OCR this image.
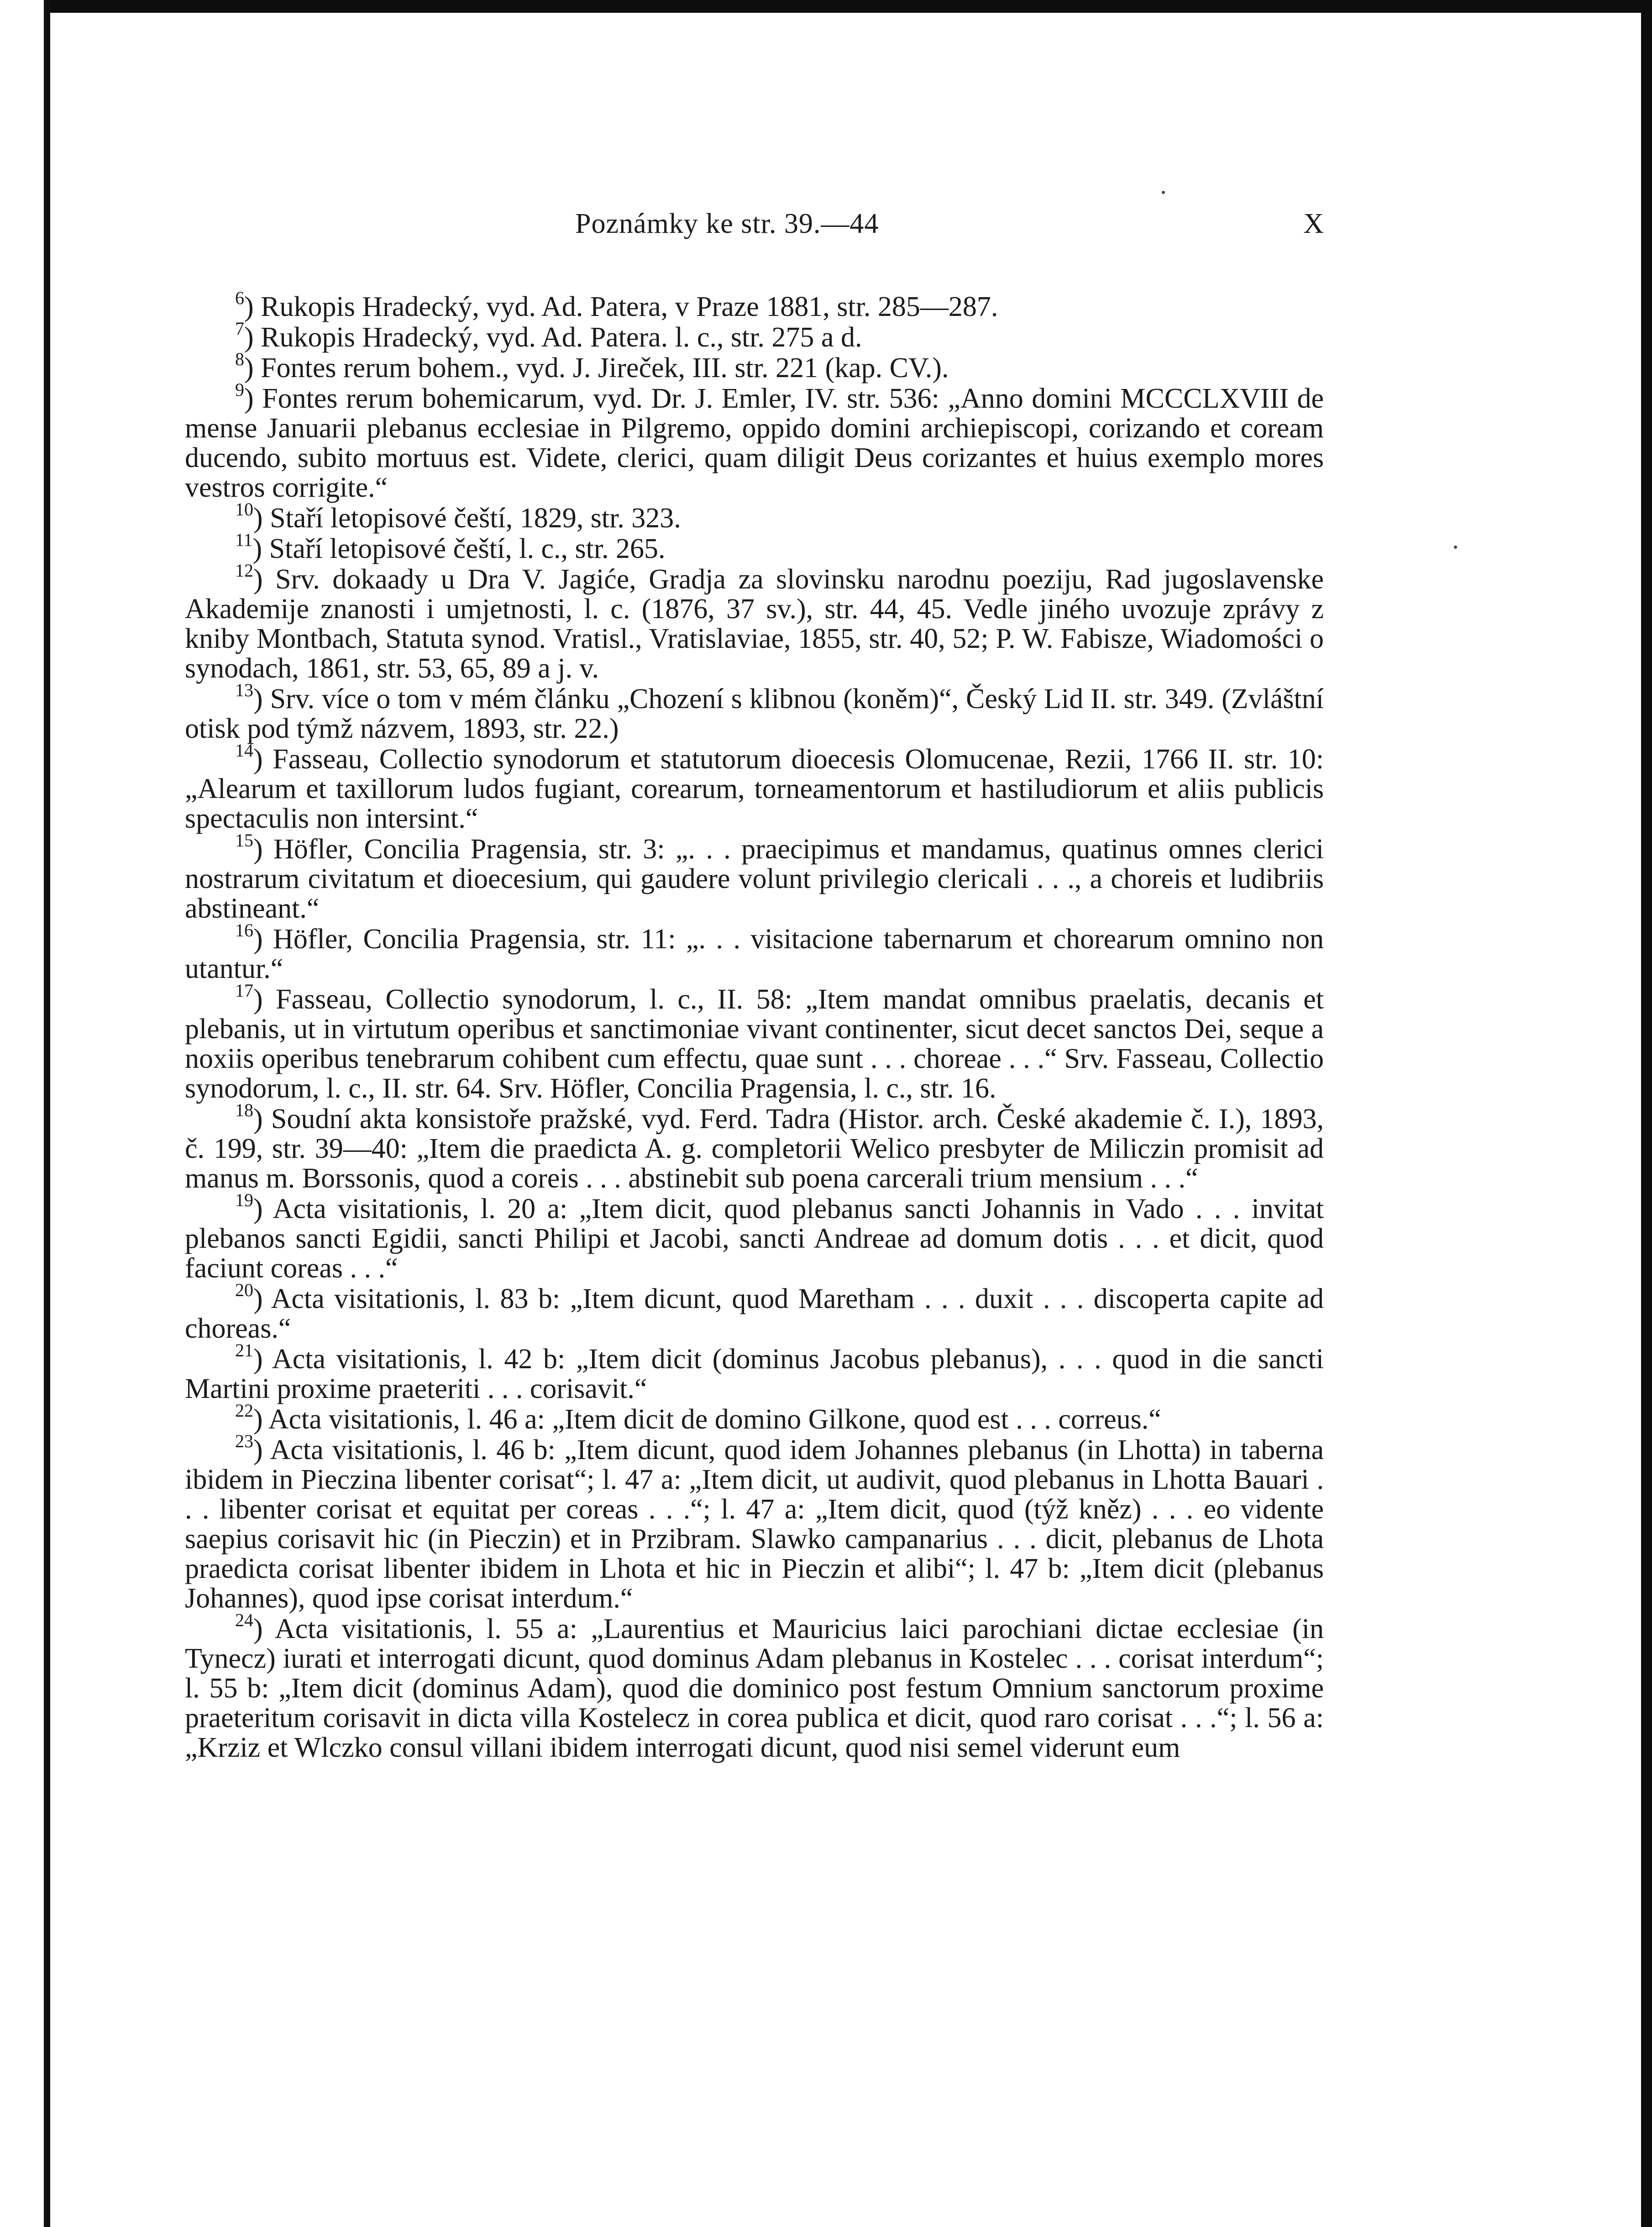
Poznámky ke str. 39.—44	X

$^6$) Rukopis Hradecký, vyd. Ad. Patera, v Praze 1881, str. 285—287.

$^7$) Rukopis Hradecký, vyd. Ad. Patera. l. c., str. 275 a d.

$^8$) Fontes rerum bohem., vyd. J. Jireček, III. str. 221 (kap. CV.).

$^9$) Fontes rerum bohemicarum, vyd. Dr. J. Emler, IV. str. 536: „Anno domini MCCCLXVIII de mense Januarii plebanus ecclesiae in Pilgremo, oppido domini archiepiscopi, corizando et coream ducendo, subito mortuus est. Videte, clerici, quam diligit Deus corizantes et huius exemplo mores vestros corrigite.“

$^{10}$) Staří letopisové čeští, 1829, str. 323.

$^{11}$) Staří letopisové čeští, l. c., str. 265.

$^{12}$) Srv. dokaady u Dra V. Jagiće, Gradja za slovinsku narodnu poeziju, Rad jugoslavenske Akademije znanosti i umjetnosti, l. c. (1876, 37 sv.), str. 44, 45. Vedle jiného uvozuje zprávy z kniby Montbach, Statuta synod. Vratisl., Vratislaviae, 1855, str. 40, 52; P. W. Fabisze, Wiadomości o synodach, 1861, str. 53, 65, 89 a j. v.

$^{13}$) Srv. více o tom v mém článku „Chození s klibnou (koněm)“, Český Lid II. str. 349. (Zvláštní otisk pod týmž názvem, 1893, str. 22.)

$^{14}$) Fasseau, Collectio synodorum et statutorum dioecesis Olomucenae, Rezii, 1766 II. str. 10: „Alearum et taxillorum ludos fugiant, corearum, torneamentorum et hastiludiorum et aliis publicis spectaculis non intersint.“

$^{15}$) Höfler, Concilia Pragensia, str. 3: „. . . praecipimus et mandamus, quatinus omnes clerici nostrarum civitatum et dioecesium, qui gaudere volunt privilegio clericali . . ., a choreis et ludibriis abstineant.“

$^{16}$) Höfler, Concilia Pragensia, str. 11: „. . . visitacione tabernarum et chorearum omnino non utantur.“

$^{17}$) Fasseau, Collectio synodorum, l. c., II. 58: „Item mandat omnibus praelatis, decanis et plebanis, ut in virtutum operibus et sanctimoniae vivant continenter, sicut decet sanctos Dei, seque a noxiis operibus tenebrarum cohibent cum effectu, quae sunt . . . choreae . . .“ Srv. Fasseau, Collectio synodorum, l. c., II. str. 64. Srv. Höfler, Concilia Pragensia, l. c., str. 16.

$^{18}$) Soudní akta konsistoře pražské, vyd. Ferd. Tadra (Histor. arch. České akademie č. I.), 1893, č. 199, str. 39—40: „Item die praedicta A. g. completorii Welico presbyter de Miliczin promisit ad manus m. Borssonis, quod a coreis . . . abstinebit sub poena carcerali trium mensium . . .“

$^{19}$) Acta visitationis, l. 20 a: „Item dicit, quod plebanus sancti Johannis in Vado . . . invitat plebanos sancti Egidii, sancti Philipi et Jacobi, sancti Andreae ad domum dotis . . . et dicit, quod faciunt coreas . . .“

$^{20}$) Acta visitationis, l. 83 b: „Item dicunt, quod Maretham . . . duxit . . . discoperta capite ad choreas.“

$^{21}$) Acta visitationis, l. 42 b: „Item dicit (dominus Jacobus plebanus), . . . quod in die sancti Martini proxime praeteriti . . . corisavit.“

$^{22}$) Acta visitationis, l. 46 a: „Item dicit de domino Gilkone, quod est . . . correus.“

$^{23}$) Acta visitationis, l. 46 b: „Item dicunt, quod idem Johannes plebanus (in Lhotta) in taberna ibidem in Pieczina libenter corisat“; l. 47 a: „Item dicit, ut audivit, quod plebanus in Lhotta Bauari . . . libenter corisat et equitat per coreas . . .“; l. 47 a: „Item dicit, quod (týž kněz) . . . eo vidente saepius corisavit hic (in Pieczin) et in Przibram. Slawko campanarius . . . dicit, plebanus de Lhota praedicta corisat libenter ibidem in Lhota et hic in Pieczin et alibi“; l. 47 b: „Item dicit (plebanus Johannes), quod ipse corisat interdum.“

$^{24}$) Acta visitationis, l. 55 a: „Laurentius et Mauricius laici parochiani dictae ecclesiae (in Tynecz) iurati et interrogati dicunt, quod dominus Adam plebanus in Kostelec . . . corisat interdum“; l. 55 b: „Item dicit (dominus Adam), quod die dominico post festum Omnium sanctorum proxime praeteritum corisavit in dicta villa Kostelecz in corea publica et dicit, quod raro corisat . . .“; l. 56 a: „Krziz et Wlczko consul villani ibidem interrogati dicunt, quod nisi semel viderunt eum
